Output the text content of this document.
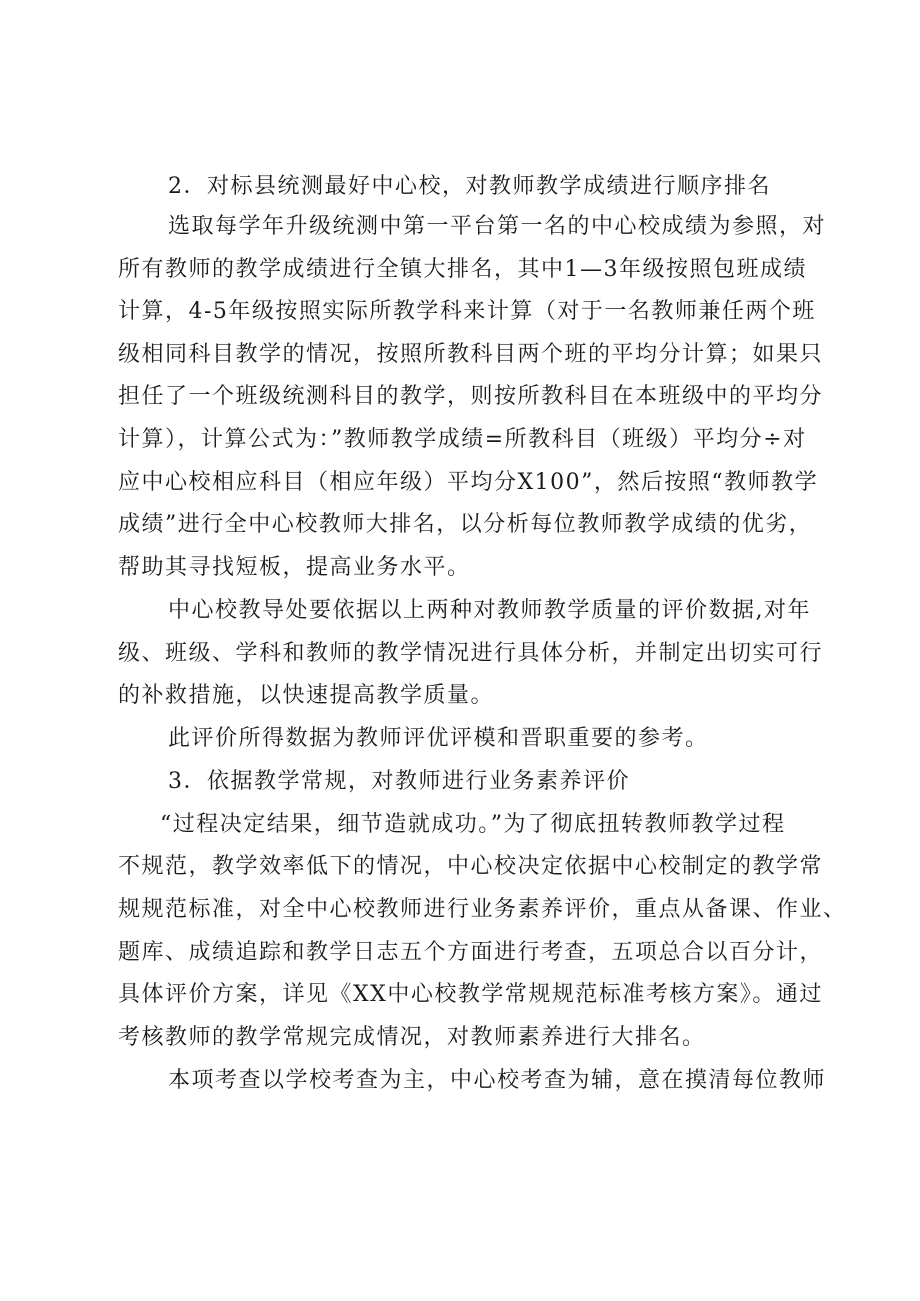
2．对标县统测最好中心校，对教师教学成绩进行顺序排名
选取每学年升级统测中第一平台第一名的中心校成绩为参照，对
所有教师的教学成绩进行全镇大排名，其中1—3年级按照包班成绩
计算，4-5年级按照实际所教学科来计算（对于一名教师兼任两个班
级相同科目教学的情况，按照所教科目两个班的平均分计算；如果只
担任了一个班级统测科目的教学，则按所教科目在本班级中的平均分
计算），计算公式为：”教师教学成绩=所教科目（班级）平均分÷对
应中心校相应科目（相应年级）平均分X100”，然后按照“教师教学
成绩”进行全中心校教师大排名，以分析每位教师教学成绩的优劣，
帮助其寻找短板，提高业务水平。
中心校教导处要依据以上两种对教师教学质量的评价数据,对年
级、班级、学科和教师的教学情况进行具体分析，并制定出切实可行
的补救措施，以快速提高教学质量。
此评价所得数据为教师评优评模和晋职重要的参考。
3．依据教学常规，对教师进行业务素养评价
“过程决定结果，细节造就成功。”为了彻底扭转教师教学过程
不规范，教学效率低下的情况，中心校决定依据中心校制定的教学常
规规范标准，对全中心校教师进行业务素养评价，重点从备课、作业、
题库、成绩追踪和教学日志五个方面进行考查，五项总合以百分计，
具体评价方案，详见《XX中心校教学常规规范标准考核方案》。通过
考核教师的教学常规完成情况，对教师素养进行大排名。
本项考查以学校考查为主，中心校考查为辅，意在摸清每位教师
